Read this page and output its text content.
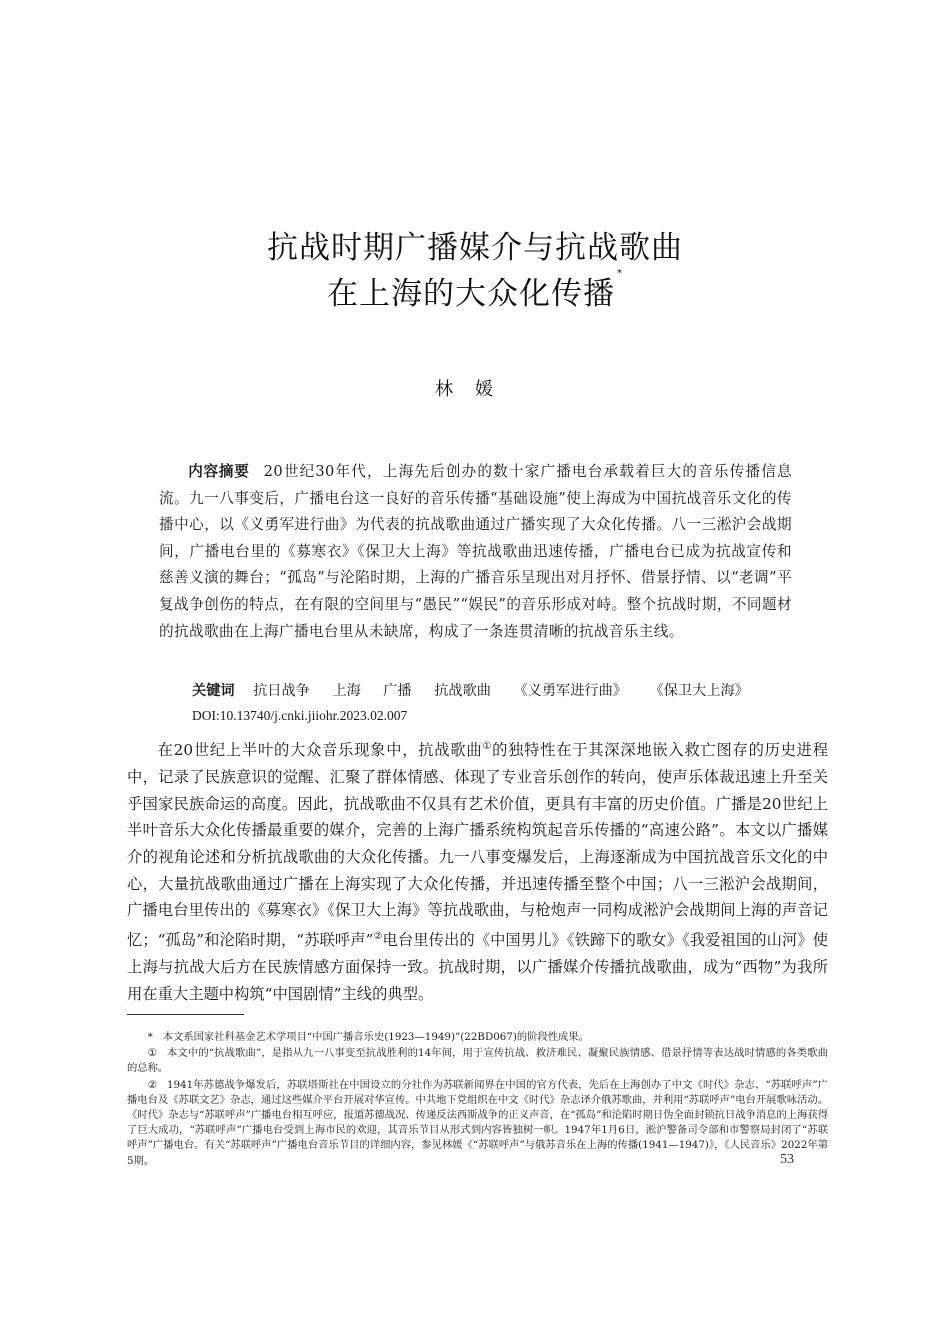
抗战时期广播媒介与抗战歌曲
在上海的大众化传播*
林媛
内容摘要 20世纪30年代，上海先后创办的数十家广播电台承载着巨大的音乐传播信息流。九一八事变后，广播电台这一良好的音乐传播“基础设施”使上海成为中国抗战音乐文化的传播中心，以《义勇军进行曲》为代表的抗战歌曲通过广播实现了大众化传播。八一三淞沪会战期间，广播电台里的《募寒衣》《保卫大上海》等抗战歌曲迅速传播，广播电台已成为抗战宣传和慈善义演的舞台；“孤岛”与沦陷时期，上海的广播音乐呈现出对月抒怀、借景抒情、以“老调”平复战争创伤的特点，在有限的空间里与“愚民”“娱民”的音乐形成对峙。整个抗战时期，不同题材的抗战歌曲在上海广播电台里从未缺席，构成了一条连贯清晰的抗战音乐主线。
关键词 抗日战争 上海 广播 抗战歌曲 《义勇军进行曲》 《保卫大上海》
DOI:10.13740/j.cnki.jiiohr.2023.02.007
在20世纪上半叶的大众音乐现象中，抗战歌曲①的独特性在于其深深地嵌入救亡图存的历史进程中，记录了民族意识的觉醒、汇聚了群体情感、体现了专业音乐创作的转向，使声乐体裁迅速上升至关乎国家民族命运的高度。因此，抗战歌曲不仅具有艺术价值，更具有丰富的历史价值。广播是20世纪上半叶音乐大众化传播最重要的媒介，完善的上海广播系统构筑起音乐传播的“高速公路”。本文以广播媒介的视角论述和分析抗战歌曲的大众化传播。九一八事变爆发后，上海逐渐成为中国抗战音乐文化的中心，大量抗战歌曲通过广播在上海实现了大众化传播，并迅速传播至整个中国；八一三淞沪会战期间，广播电台里传出的《募寒衣》《保卫大上海》等抗战歌曲，与枪炮声一同构成淞沪会战期间上海的声音记忆；“孤岛”和沦陷时期，“苏联呼声”②电台里传出的《中国男儿》《铁蹄下的歌女》《我爱祖国的山河》使上海与抗战大后方在民族情感方面保持一致。抗战时期，以广播媒介传播抗战歌曲，成为“西物”为我所用在重大主题中构筑“中国剧情”主线的典型。

* 本文系国家社科基金艺术学项目“中国广播音乐史(1923—1949)”(22BD067)的阶段性成果。

① 本文中的“抗战歌曲”，是指从九一八事变至抗战胜利的14年间，用于宣传抗战、救济难民、凝聚民族情感、借景抒情等表达战时情感的各类歌曲的总称。

② 1941年苏德战争爆发后，苏联塔斯社在中国设立的分社作为苏联新闻界在中国的官方代表，先后在上海创办了中文《时代》杂志、“苏联呼声”广播电台及《苏联文艺》杂志，通过这些媒介平台开展对华宣传。中共地下党组织在中文《时代》杂志译介俄苏歌曲，并利用“苏联呼声”电台开展歌咏活动。《时代》杂志与“苏联呼声”广播电台相互呼应，报道苏德战况、传递反法西斯战争的正义声音，在“孤岛”和沦陷时期日伪全面封锁抗日战争消息的上海获得了巨大成功，“苏联呼声”广播电台受到上海市民的欢迎，其音乐节目从形式到内容皆独树一帜。1947年1月6日，淞沪警备司令部和市警察局封闭了“苏联呼声”广播电台。有关“苏联呼声”广播电台音乐节目的详细内容，参见林媛《“苏联呼声”与俄苏音乐在上海的传播(1941—1947)》，《人民音乐》2022年第5期。	53
